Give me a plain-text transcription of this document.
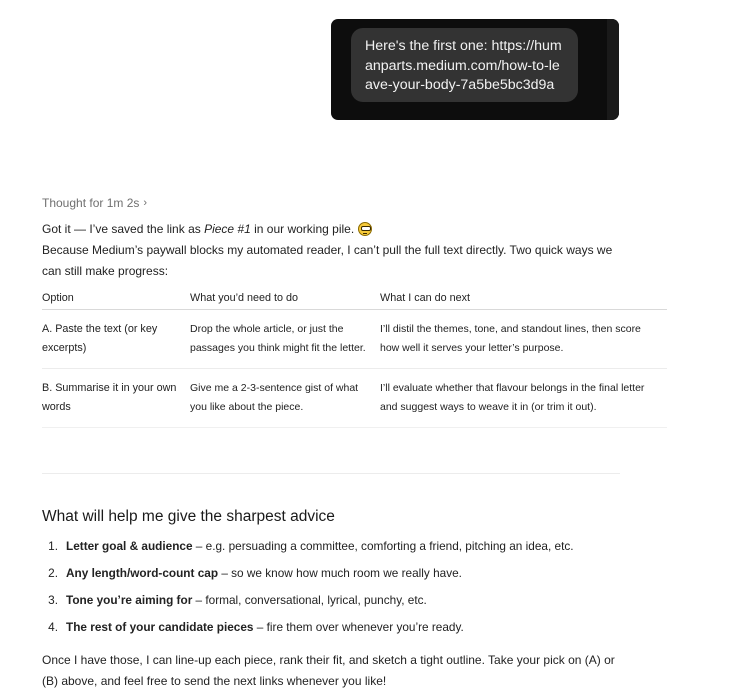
Here's the first one: https://humanparts.medium.com/how-to-leave-your-body-7a5be5bc3d9a
Thought for 1m 2s ›
Got it — I’ve saved the link as Piece #1 in our working pile.
Because Medium’s paywall blocks my automated reader, I can’t pull the full text directly. Two quick ways we can still make progress:
Option	What you’d need to do	What I can do next
A. Paste the text (or key excerpts)	Drop the whole article, or just the passages you think might fit the letter.	I’ll distil the themes, tone, and standout lines, then score how well it serves your letter’s purpose.
B. Summarise it in your own words	Give me a 2-3-sentence gist of what you like about the piece.	I’ll evaluate whether that flavour belongs in the final letter and suggest ways to weave it in (or trim it out).
What will help me give the sharpest advice
1. Letter goal & audience – e.g. persuading a committee, comforting a friend, pitching an idea, etc.
2. Any length/word-count cap – so we know how much room we really have.
3. Tone you’re aiming for – formal, conversational, lyrical, punchy, etc.
4. The rest of your candidate pieces – fire them over whenever you’re ready.
Once I have those, I can line-up each piece, rank their fit, and sketch a tight outline. Take your pick on (A) or (B) above, and feel free to send the next links whenever you like!
